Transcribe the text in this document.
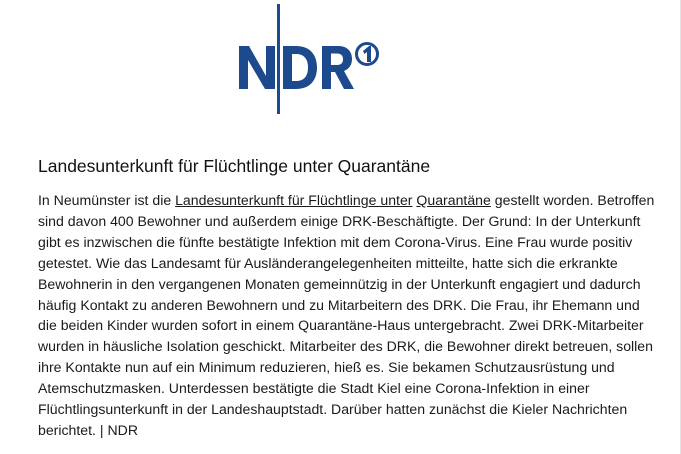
Landesunterkunft für Flüchtlinge unter Quarantäne

In Neumünster ist die Landesunterkunft für Flüchtlinge unter Quarantäne gestellt worden. Betroffen sind davon 400 Bewohner und außerdem einige DRK-Beschäftigte. Der Grund: In der Unterkunft gibt es inzwischen die fünfte bestätigte Infektion mit dem Corona-Virus. Eine Frau wurde positiv getestet. Wie das Landesamt für Ausländerangelegenheiten mitteilte, hatte sich die erkrankte Bewohnerin in den vergangenen Monaten gemeinnützig in der Unterkunft engagiert und dadurch häufig Kontakt zu anderen Bewohnern und zu Mitarbeitern des DRK. Die Frau, ihr Ehemann und die beiden Kinder wurden sofort in einem Quarantäne-Haus untergebracht. Zwei DRK-Mitarbeiter wurden in häusliche Isolation geschickt. Mitarbeiter des DRK, die Bewohner direkt betreuen, sollen ihre Kontakte nun auf ein Minimum reduzieren, hieß es. Sie bekamen Schutzausrüstung und Atemschutzmasken. Unterdessen bestätigte die Stadt Kiel eine Corona-Infektion in einer Flüchtlingsunterkunft in der Landeshauptstadt. Darüber hatten zunächst die Kieler Nachrichten berichtet. | NDR
